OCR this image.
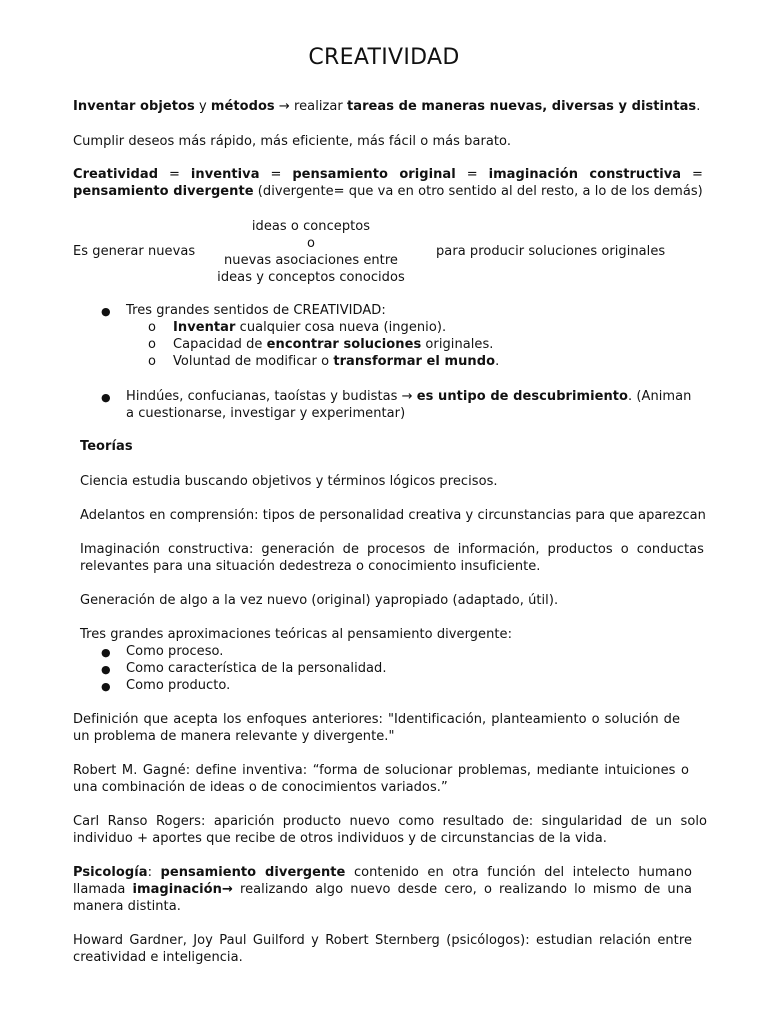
CREATIVIDAD
Inventar objetos y métodos → realizar tareas de maneras nuevas, diversas y distintas.
Cumplir deseos más rápido, más eficiente, más fácil o más barato.
Creatividad = inventiva = pensamiento original = imaginación constructiva =
pensamiento divergente (divergente= que va en otro sentido al del resto, a lo de los demás)
Es generar nuevas
ideas o conceptos
o
nuevas asociaciones entre
ideas y conceptos conocidos
para producir soluciones originales
● Tres grandes sentidos de CREATIVIDAD:
o Inventar cualquier cosa nueva (ingenio).
o Capacidad de encontrar soluciones originales.
o Voluntad de modificar o transformar el mundo.
● Hindúes, confucianas, taoístas y budistas → es untipo de descubrimiento. (Animan
a cuestionarse, investigar y experimentar)
Teorías
Ciencia estudia buscando objetivos y términos lógicos precisos.
Adelantos en comprensión: tipos de personalidad creativa y circunstancias para que aparezcan
Imaginación constructiva: generación de procesos de información, productos o conductas
relevantes para una situación dedestreza o conocimiento insuficiente.
Generación de algo a la vez nuevo (original) yapropiado (adaptado, útil).
Tres grandes aproximaciones teóricas al pensamiento divergente:
● Como proceso.
● Como característica de la personalidad.
● Como producto.
Definición que acepta los enfoques anteriores: "Identificación, planteamiento o solución de
un problema de manera relevante y divergente."
Robert M. Gagné: define inventiva: “forma de solucionar problemas, mediante intuiciones o
una combinación de ideas o de conocimientos variados.”
Carl Ranso Rogers: aparición producto nuevo como resultado de: singularidad de un solo
individuo + aportes que recibe de otros individuos y de circunstancias de la vida.
Psicología: pensamiento divergente contenido en otra función del intelecto humano
llamada imaginación→ realizando algo nuevo desde cero, o realizando lo mismo de una
manera distinta.
Howard Gardner, Joy Paul Guilford y Robert Sternberg (psicólogos): estudian relación entre
creatividad e inteligencia.
